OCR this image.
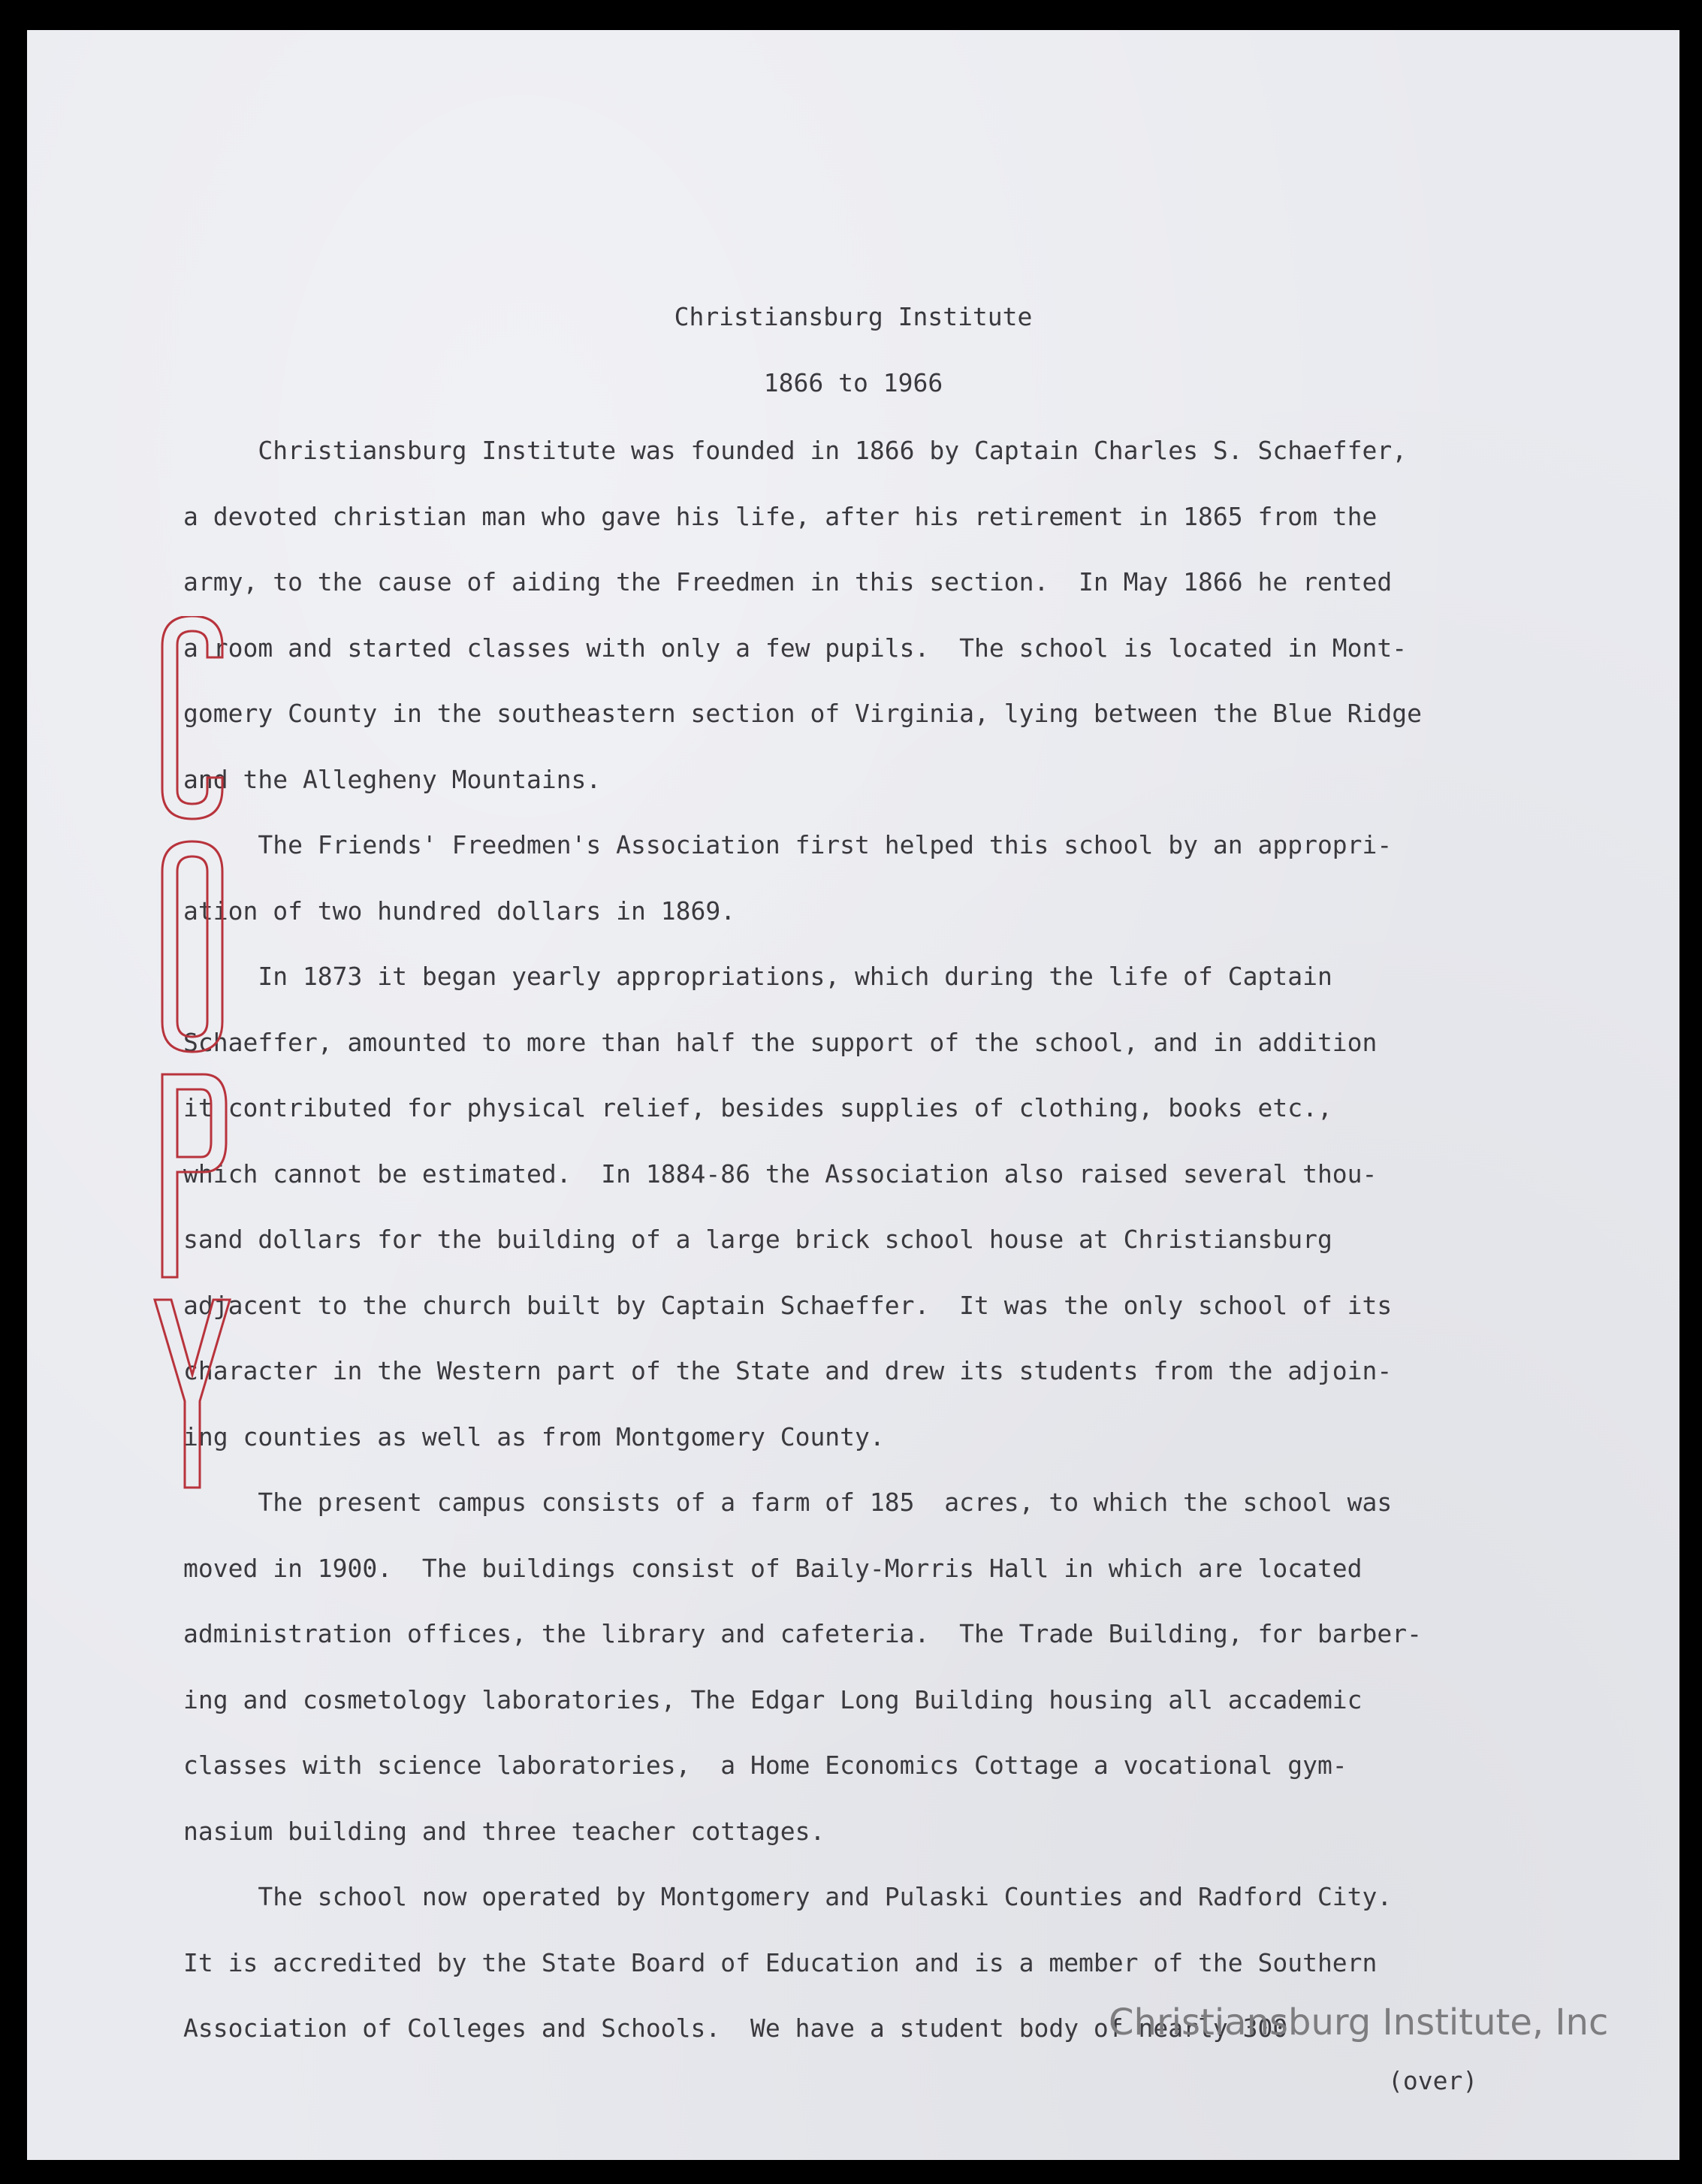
Christiansburg Institute

1866 to 1966

Christiansburg Institute was founded in 1866 by Captain Charles S. Schaeffer,

a devoted christian man who gave his life, after his retirement in 1865 from the

army, to the cause of aiding the Freedmen in this section.  In May 1866 he rented

a room and started classes with only a few pupils.  The school is located in Mont-

gomery County in the southeastern section of Virginia, lying between the Blue Ridge

and the Allegheny Mountains.

The Friends' Freedmen's Association first helped this school by an appropri-

ation of two hundred dollars in 1869.

In 1873 it began yearly appropriations, which during the life of Captain

Schaeffer, amounted to more than half the support of the school, and in addition

it contributed for physical relief, besides supplies of clothing, books etc.,

which cannot be estimated.  In 1884-86 the Association also raised several thou-

sand dollars for the building of a large brick school house at Christiansburg

adjacent to the church built by Captain Schaeffer.  It was the only school of its

character in the Western part of the State and drew its students from the adjoin-

ing counties as well as from Montgomery County.

The present campus consists of a farm of 185  acres, to which the school was

moved in 1900.  The buildings consist of Baily-Morris Hall in which are located

administration offices, the library and cafeteria.  The Trade Building, for barber-

ing and cosmetology laboratories, The Edgar Long Building housing all accademic

classes with science laboratories,  a Home Economics Cottage a vocational gym-

nasium building and three teacher cottages.

The school now operated by Montgomery and Pulaski Counties and Radford City.

It is accredited by the State Board of Education and is a member of the Southern

Association of Colleges and Schools.  We have a student body of nearly 300

(over)

Christiansburg Institute, Inc
